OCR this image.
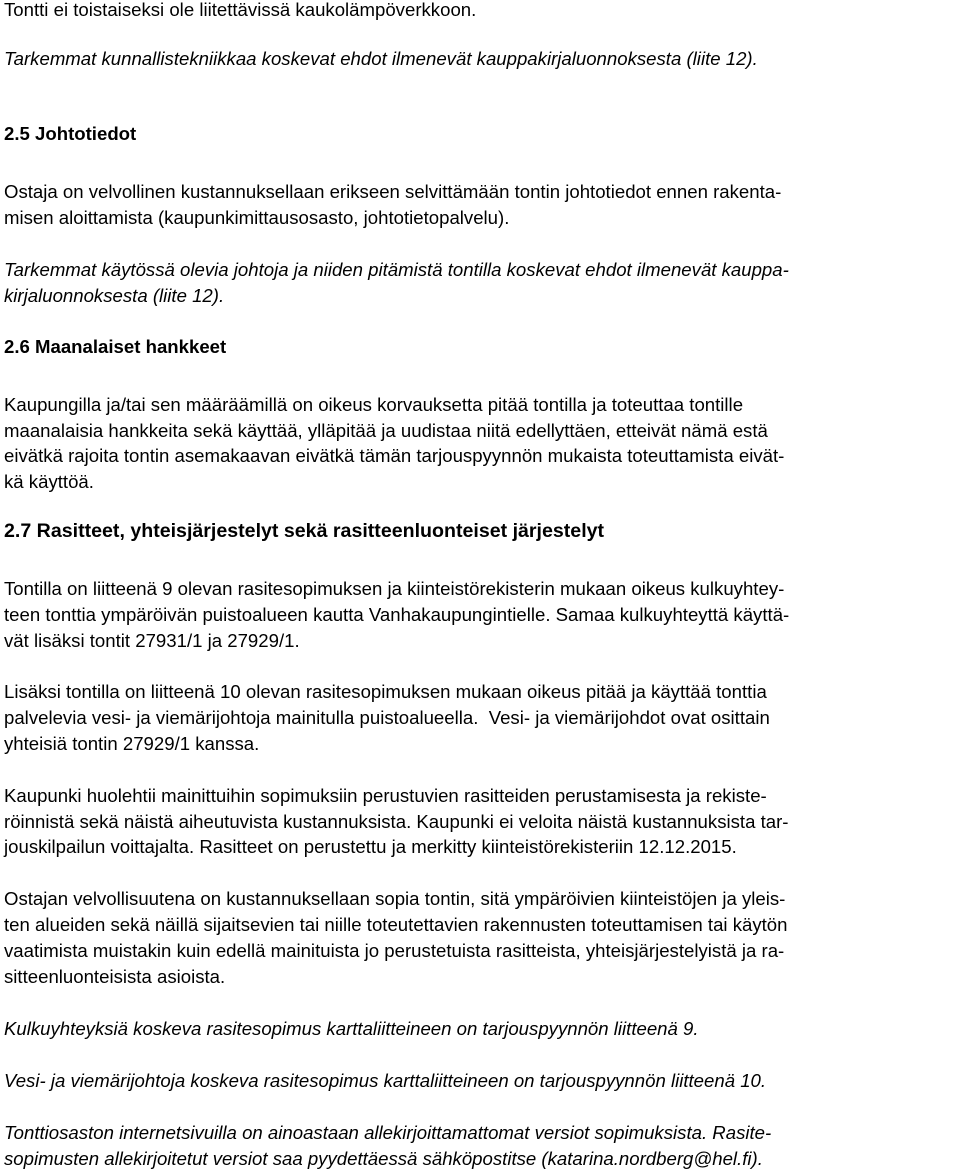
Tontti ei toistaiseksi ole liitettävissä kaukolämpöverkkoon.
Tarkemmat kunnallistekniikkaa koskevat ehdot ilmenevät kauppakirjaluonnoksesta (liite 12).
2.5 Johtotiedot
Ostaja on velvollinen kustannuksellaan erikseen selvittämään tontin johtotiedot ennen rakenta-
misen aloittamista (kaupunkimittausosasto, johtotietopalvelu).
Tarkemmat käytössä olevia johtoja ja niiden pitämistä tontilla koskevat ehdot ilmenevät kauppa-
kirjaluonnoksesta (liite 12).
2.6 Maanalaiset hankkeet
Kaupungilla ja/tai sen määräämillä on oikeus korvauksetta pitää tontilla ja toteuttaa tontille
maanalaisia hankkeita sekä käyttää, ylläpitää ja uudistaa niitä edellyttäen, etteivät nämä estä
eivätkä rajoita tontin asemakaavan eivätkä tämän tarjouspyynnön mukaista toteuttamista eivät-
kä käyttöä.
2.7 Rasitteet, yhteisjärjestelyt sekä rasitteenluonteiset järjestelyt
Tontilla on liitteenä 9 olevan rasitesopimuksen ja kiinteistörekisterin mukaan oikeus kulkuyhtey-
teen tonttia ympäröivän puistoalueen kautta Vanhakaupungintielle. Samaa kulkuyhteyttä käyttä-
vät lisäksi tontit 27931/1 ja 27929/1.
Lisäksi tontilla on liitteenä 10 olevan rasitesopimuksen mukaan oikeus pitää ja käyttää tonttia
palvelevia vesi- ja viemärijohtoja mainitulla puistoalueella.  Vesi- ja viemärijohdot ovat osittain
yhteisiä tontin 27929/1 kanssa.
Kaupunki huolehtii mainittuihin sopimuksiin perustuvien rasitteiden perustamisesta ja rekiste-
röinnistä sekä näistä aiheutuvista kustannuksista. Kaupunki ei veloita näistä kustannuksista tar-
jouskilpailun voittajalta. Rasitteet on perustettu ja merkitty kiinteistörekisteriin 12.12.2015.
Ostajan velvollisuutena on kustannuksellaan sopia tontin, sitä ympäröivien kiinteistöjen ja yleis-
ten alueiden sekä näillä sijaitsevien tai niille toteutettavien rakennusten toteuttamisen tai käytön
vaatimista muistakin kuin edellä mainituista jo perustetuista rasitteista, yhteisjärjestelyistä ja ra-
sitteenluonteisista asioista.
Kulkuyhteyksiä koskeva rasitesopimus karttaliitteineen on tarjouspyynnön liitteenä 9.
Vesi- ja viemärijohtoja koskeva rasitesopimus karttaliitteineen on tarjouspyynnön liitteenä 10.
Tonttiosaston internetsivuilla on ainoastaan allekirjoittamattomat versiot sopimuksista. Rasite-
sopimusten allekirjoitetut versiot saa pyydettäessä sähköpostitse (katarina.nordberg@hel.fi).
